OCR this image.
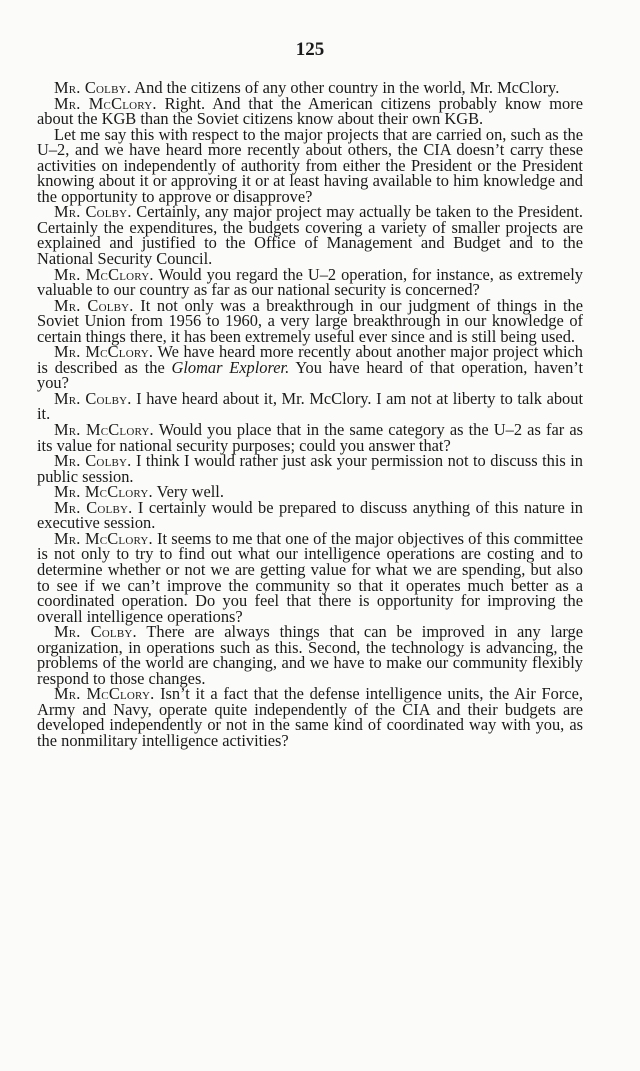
125

Mr. Colby. And the citizens of any other country in the world, Mr. McClory.

Mr. McClory. Right. And that the American citizens probably know more about the KGB than the Soviet citizens know about their own KGB.

Let me say this with respect to the major projects that are carried on, such as the U–2, and we have heard more recently about others, the CIA doesn’t carry these activities on independently of authority from either the President or the President knowing about it or approving it or at least having available to him knowledge and the opportunity to approve or disapprove?

Mr. Colby. Certainly, any major project may actually be taken to the President. Certainly the expenditures, the budgets covering a variety of smaller projects are explained and justified to the Office of Management and Budget and to the National Security Council.

Mr. McClory. Would you regard the U–2 operation, for instance, as extremely valuable to our country as far as our national security is concerned?

Mr. Colby. It not only was a breakthrough in our judgment of things in the Soviet Union from 1956 to 1960, a very large breakthrough in our knowledge of certain things there, it has been extremely useful ever since and is still being used.

Mr. McClory. We have heard more recently about another major project which is described as the Glomar Explorer. You have heard of that operation, haven’t you?

Mr. Colby. I have heard about it, Mr. McClory. I am not at liberty to talk about it.

Mr. McClory. Would you place that in the same category as the U–2 as far as its value for national security purposes; could you answer that?

Mr. Colby. I think I would rather just ask your permission not to discuss this in public session.

Mr. McClory. Very well.

Mr. Colby. I certainly would be prepared to discuss anything of this nature in executive session.

Mr. McClory. It seems to me that one of the major objectives of this committee is not only to try to find out what our intelligence operations are costing and to determine whether or not we are getting value for what we are spending, but also to see if we can’t improve the community so that it operates much better as a coordinated operation. Do you feel that there is opportunity for improving the overall intelligence operations?

Mr. Colby. There are always things that can be improved in any large organization, in operations such as this. Second, the technology is advancing, the problems of the world are changing, and we have to make our community flexibly respond to those changes.

Mr. McClory. Isn’t it a fact that the defense intelligence units, the Air Force, Army and Navy, operate quite independently of the CIA and their budgets are developed independently or not in the same kind of coordinated way with you, as the nonmilitary intelligence activities?
